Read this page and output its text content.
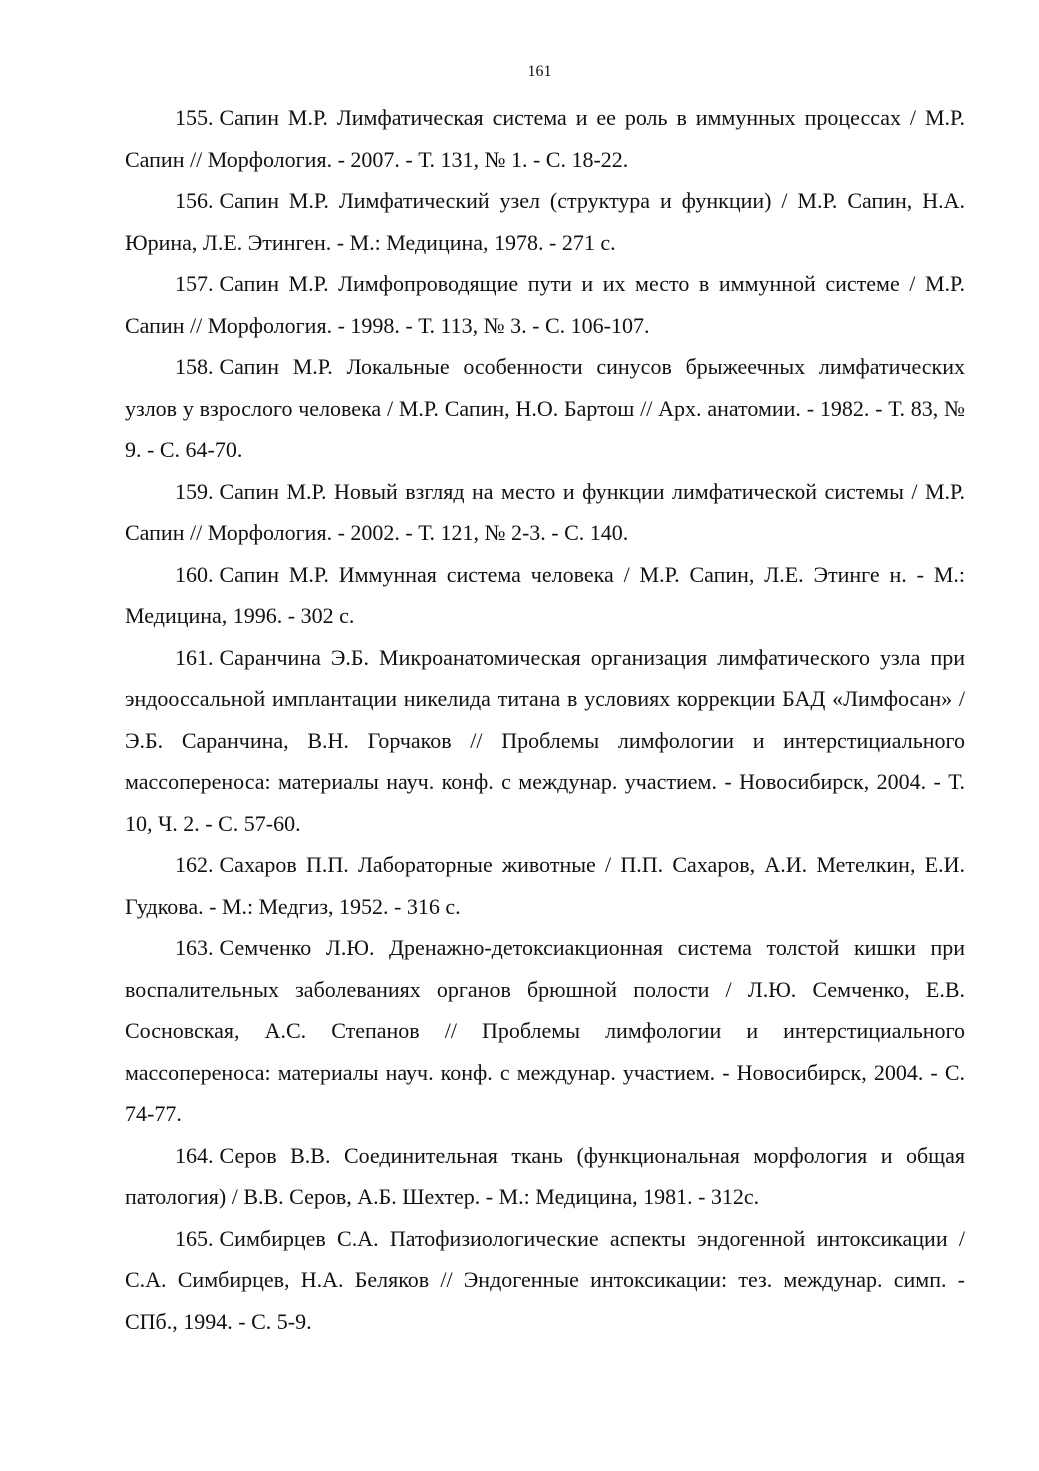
161
155. Сапин М.Р. Лимфатическая система и ее роль в иммунных процессах / М.Р. Сапин // Морфология. - 2007. - Т. 131, № 1. - С. 18-22.
156. Сапин М.Р. Лимфатический узел (структура и функции) / М.Р. Сапин, Н.А. Юрина, Л.Е. Этинген. - М.: Медицина, 1978. - 271 с.
157. Сапин М.Р. Лимфопроводящие пути и их место в иммунной системе / М.Р. Сапин // Морфология. - 1998. - Т. 113, № 3. - С. 106-107.
158. Сапин М.Р. Локальные особенности синусов брыжеечных лимфатических узлов у взрослого человека / М.Р. Сапин, Н.О. Бартош // Арх. анатомии. - 1982. - Т. 83, № 9. - С. 64-70.
159. Сапин М.Р. Новый взгляд на место и функции лимфатической системы / М.Р. Сапин // Морфология. - 2002. - Т. 121, № 2-3. - С. 140.
160. Сапин М.Р. Иммунная система человека / М.Р. Сапин, Л.Е. Этинге н. - М.: Медицина, 1996. - 302 с.
161. Саранчина Э.Б. Микроанатомическая организация лимфатического узла при эндооссальной имплантации никелида титана в условиях коррекции БАД «Лимфосан» / Э.Б. Саранчина, В.Н. Горчаков // Проблемы лимфологии и интерстициального массопереноса: материалы науч. конф. с междунар. участием. - Новосибирск, 2004. - Т. 10, Ч. 2. - С. 57-60.
162. Сахаров П.П. Лабораторные животные / П.П. Сахаров, А.И. Метелкин, Е.И. Гудкова. - М.: Медгиз, 1952. - 316 с.
163. Семченко Л.Ю. Дренажно-детоксиакционная система толстой кишки при воспалительных заболеваниях органов брюшной полости / Л.Ю. Семченко, Е.В. Сосновская, А.С. Степанов // Проблемы лимфологии и интерстициального массопереноса: материалы науч. конф. с междунар. участием. - Новосибирск, 2004. - С. 74-77.
164. Серов В.В. Соединительная ткань (функциональная морфология и общая патология) / В.В. Серов, А.Б. Шехтер. - М.: Медицина, 1981. - 312с.
165. Симбирцев С.А. Патофизиологические аспекты эндогенной интоксикации / С.А. Симбирцев, Н.А. Беляков // Эндогенные интоксикации: тез. междунар. симп. - СПб., 1994. - С. 5-9.
